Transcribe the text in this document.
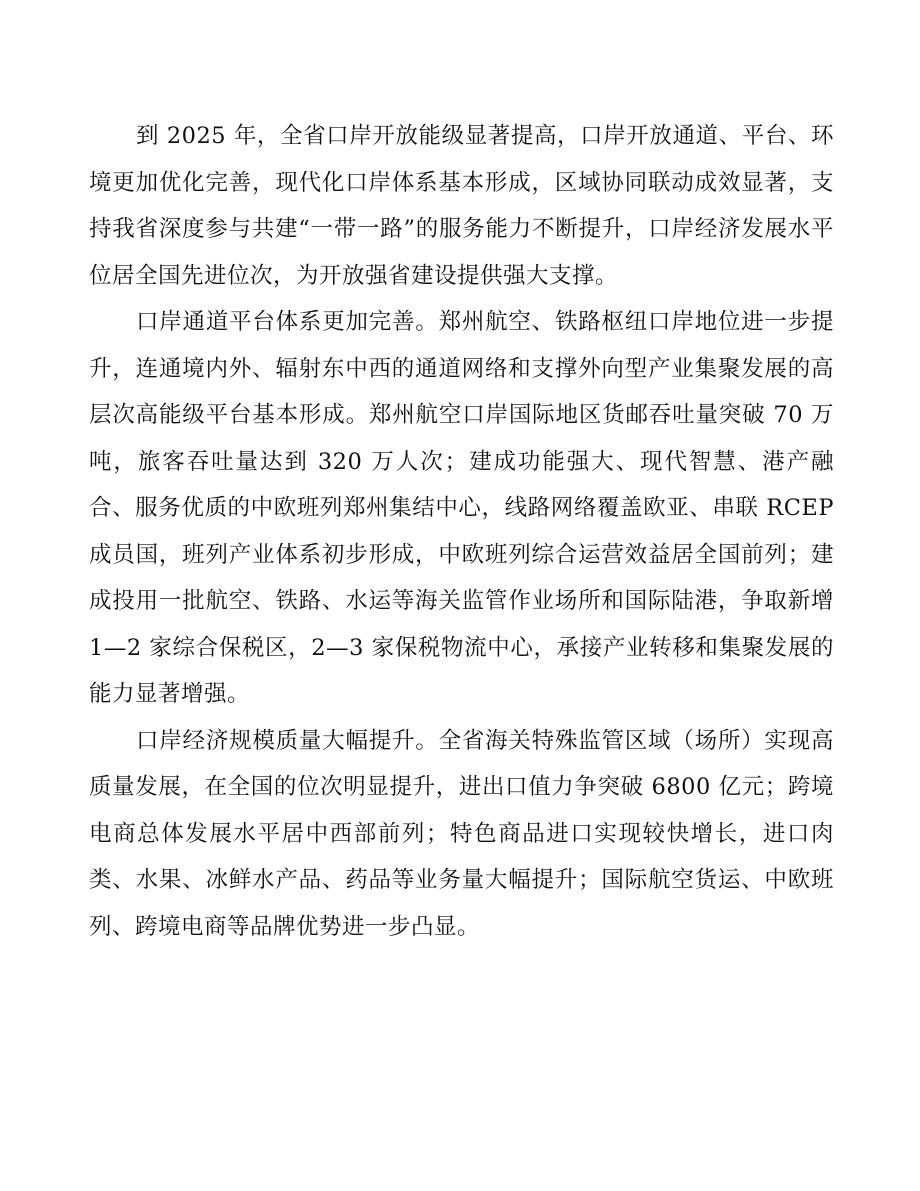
到 2025 年，全省口岸开放能级显著提高，口岸开放通道、平台、环境更加优化完善，现代化口岸体系基本形成，区域协同联动成效显著，支持我省深度参与共建“一带一路”的服务能力不断提升，口岸经济发展水平位居全国先进位次，为开放强省建设提供强大支撑。

口岸通道平台体系更加完善。郑州航空、铁路枢纽口岸地位进一步提升，连通境内外、辐射东中西的通道网络和支撑外向型产业集聚发展的高层次高能级平台基本形成。郑州航空口岸国际地区货邮吞吐量突破 70 万吨，旅客吞吐量达到 320 万人次；建成功能强大、现代智慧、港产融合、服务优质的中欧班列郑州集结中心，线路网络覆盖欧亚、串联 RCEP 成员国，班列产业体系初步形成，中欧班列综合运营效益居全国前列；建成投用一批航空、铁路、水运等海关监管作业场所和国际陆港，争取新增 1—2 家综合保税区，2—3 家保税物流中心，承接产业转移和集聚发展的能力显著增强。

口岸经济规模质量大幅提升。全省海关特殊监管区域（场所）实现高质量发展，在全国的位次明显提升，进出口值力争突破 6800 亿元；跨境电商总体发展水平居中西部前列；特色商品进口实现较快增长，进口肉类、水果、冰鲜水产品、药品等业务量大幅提升；国际航空货运、中欧班列、跨境电商等品牌优势进一步凸显。
